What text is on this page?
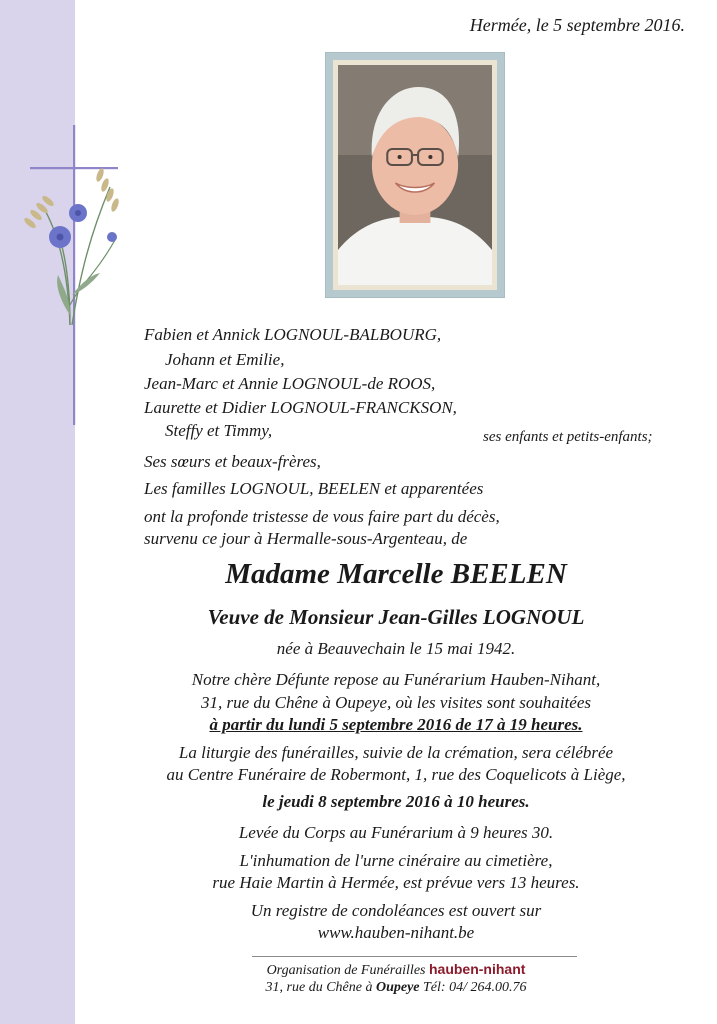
Hermée, le 5 septembre 2016.
Fabien et Annick LOGNOUL-BALBOURG,
Johann et Emilie,
Jean-Marc et Annie LOGNOUL-de ROOS,
Laurette et Didier LOGNOUL-FRANCKSON,
Steffy et Timmy,	ses enfants et petits-enfants;
Ses sœurs et beaux-frères,
Les familles LOGNOUL, BEELEN et apparentées
ont la profonde tristesse de vous faire part du décès,
survenu ce jour à Hermalle-sous-Argenteau, de
Madame Marcelle BEELEN
Veuve de Monsieur Jean-Gilles LOGNOUL
née à Beauvechain le 15 mai 1942.
Notre chère Défunte repose au Funérarium Hauben-Nihant,
31, rue du Chêne à Oupeye, où les visites sont souhaitées
à partir du lundi 5 septembre 2016 de 17 à 19 heures.
La liturgie des funérailles, suivie de la crémation, sera célébrée
au Centre Funéraire de Robermont, 1, rue des Coquelicots à Liège,
le jeudi 8 septembre 2016 à 10 heures.
Levée du Corps au Funérarium à 9 heures 30.
L'inhumation de l'urne cinéraire au cimetière,
rue Haie Martin à Hermée, est prévue vers 13 heures.
Un registre de condoléances est ouvert sur
www.hauben-nihant.be
Organisation de Funérailles hauben-nihant
31, rue du Chêne à Oupeye Tél: 04/ 264.00.76
